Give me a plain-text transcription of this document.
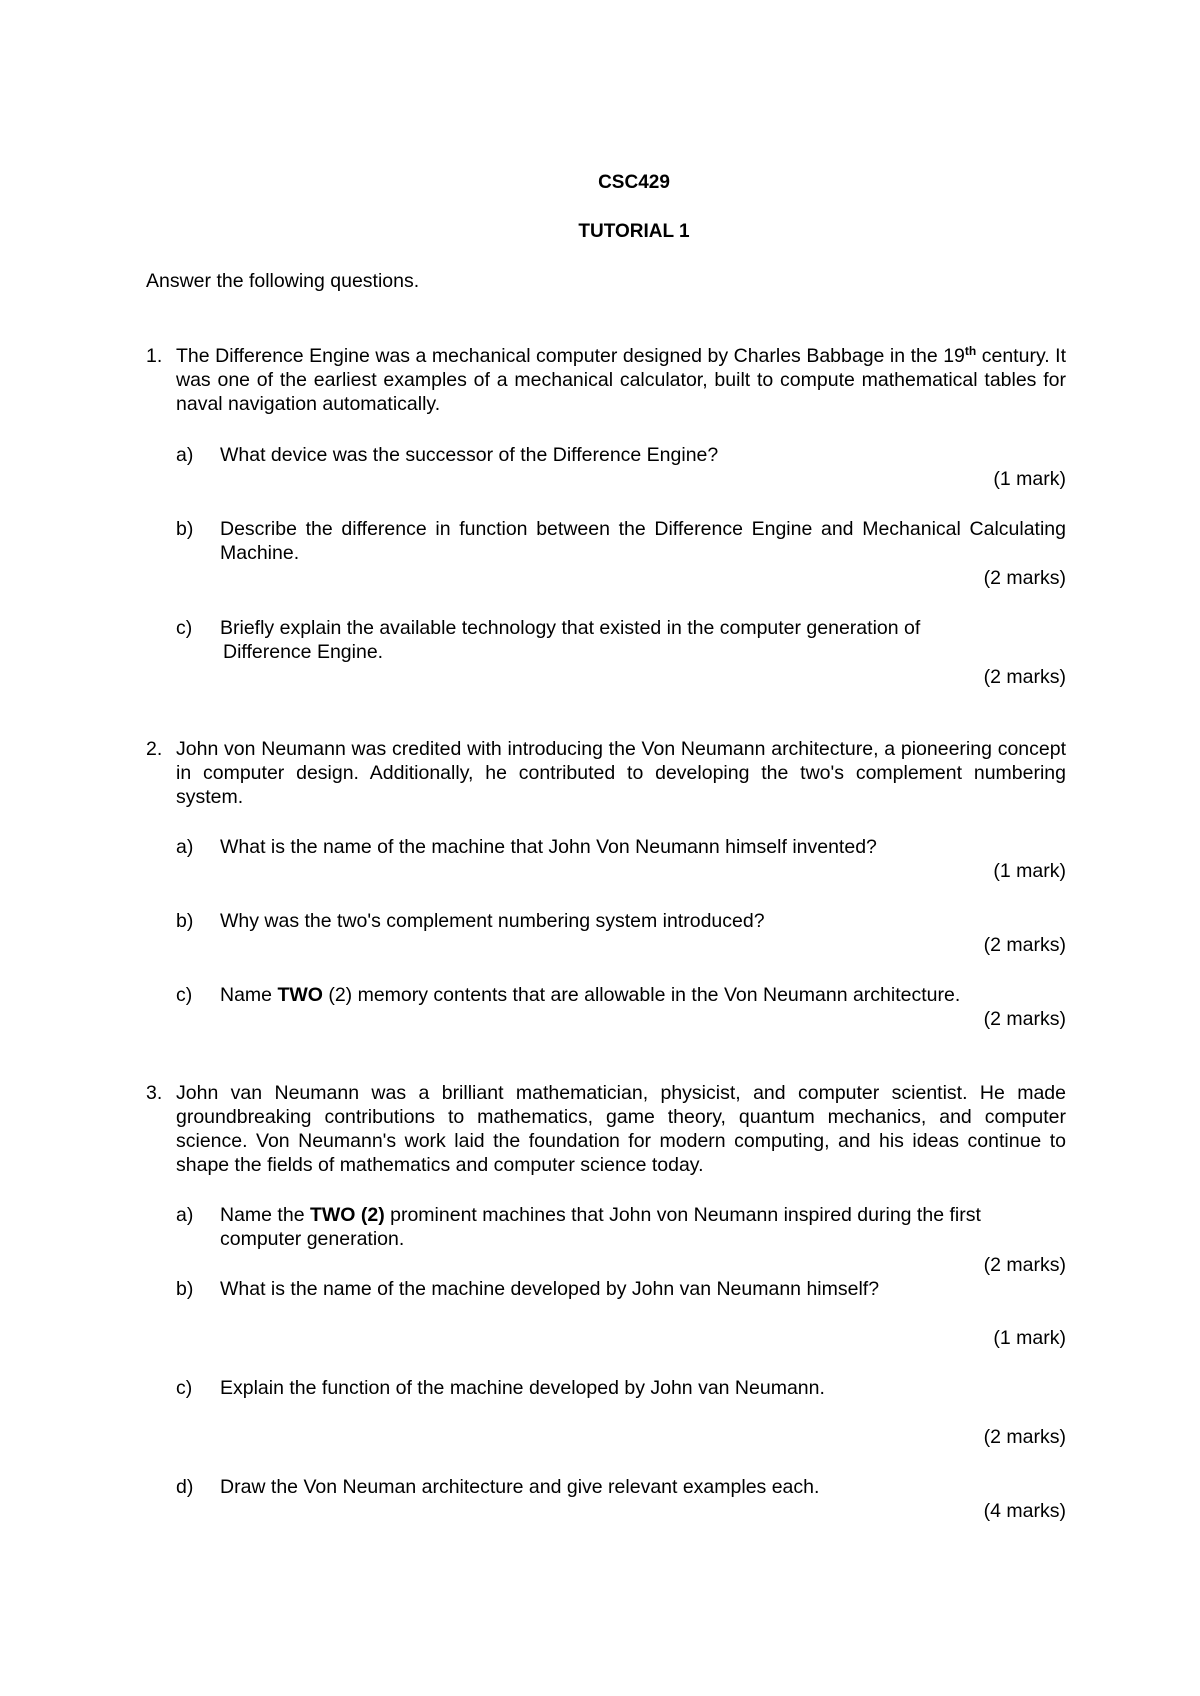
CSC429
TUTORIAL 1
Answer the following questions.
1. The Difference Engine was a mechanical computer designed by Charles Babbage in the 19th century. It was one of the earliest examples of a mechanical calculator, built to compute mathematical tables for naval navigation automatically.
a) What device was the successor of the Difference Engine?
(1 mark)
b) Describe the difference in function between the Difference Engine and Mechanical Calculating Machine.
(2 marks)
c) Briefly explain the available technology that existed in the computer generation of
Difference Engine.
(2 marks)
2. John von Neumann was credited with introducing the Von Neumann architecture, a pioneering concept in computer design. Additionally, he contributed to developing the two's complement numbering system.
a) What is the name of the machine that John Von Neumann himself invented?
(1 mark)
b) Why was the two's complement numbering system introduced?
(2 marks)
c) Name TWO (2) memory contents that are allowable in the Von Neumann architecture.
(2 marks)
3. John van Neumann was a brilliant mathematician, physicist, and computer scientist. He made groundbreaking contributions to mathematics, game theory, quantum mechanics, and computer science. Von Neumann's work laid the foundation for modern computing, and his ideas continue to shape the fields of mathematics and computer science today.
a) Name the TWO (2) prominent machines that John von Neumann inspired during the first computer generation.
(2 marks)
b) What is the name of the machine developed by John van Neumann himself?
(1 mark)
c) Explain the function of the machine developed by John van Neumann.
(2 marks)
d) Draw the Von Neuman architecture and give relevant examples each.
(4 marks)
